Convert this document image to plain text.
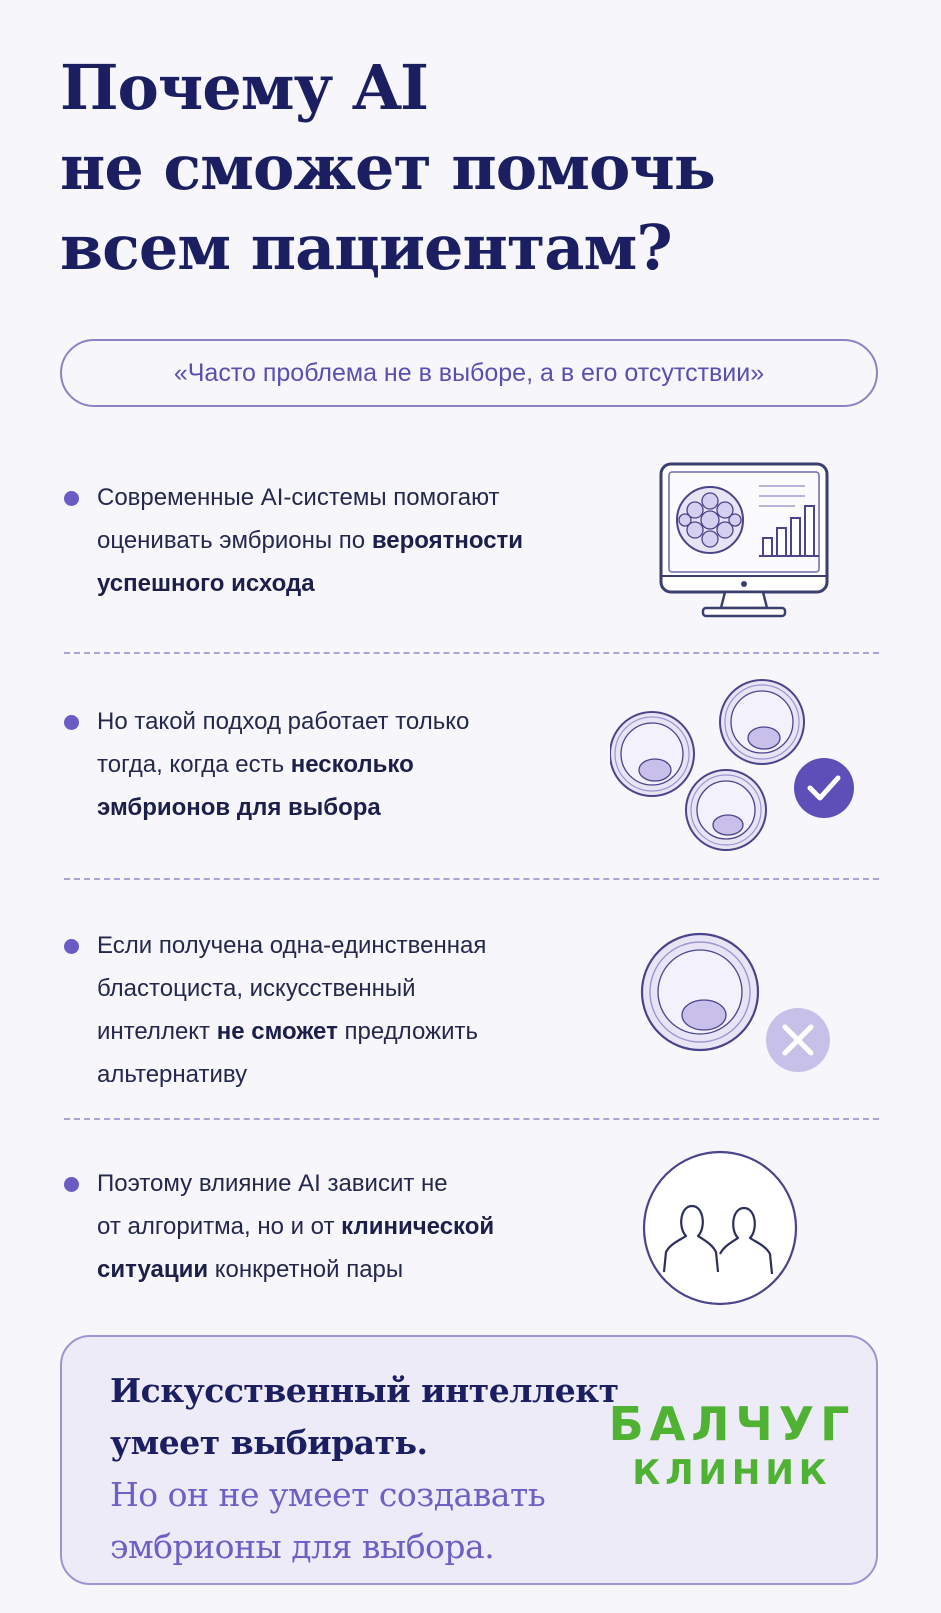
Почему AI
не сможет помочь
всем пациентам?
«Часто проблема не в выборе, а в его отсутствии»
Современные AI-системы помогают
оценивать эмбрионы по вероятности
успешного исхода
Но такой подход работает только
тогда, когда есть несколько
эмбрионов для выбора
Если получена одна-единственная
бластоциста, искусственный
интеллект не сможет предложить
альтернативу
Поэтому влияние AI зависит не
от алгоритма, но и от клинической
ситуации конкретной пары
Искусственный интеллект
умеет выбирать.
Но он не умеет создавать
эмбрионы для выбора.
БАЛЧУГ
КЛИНИК
